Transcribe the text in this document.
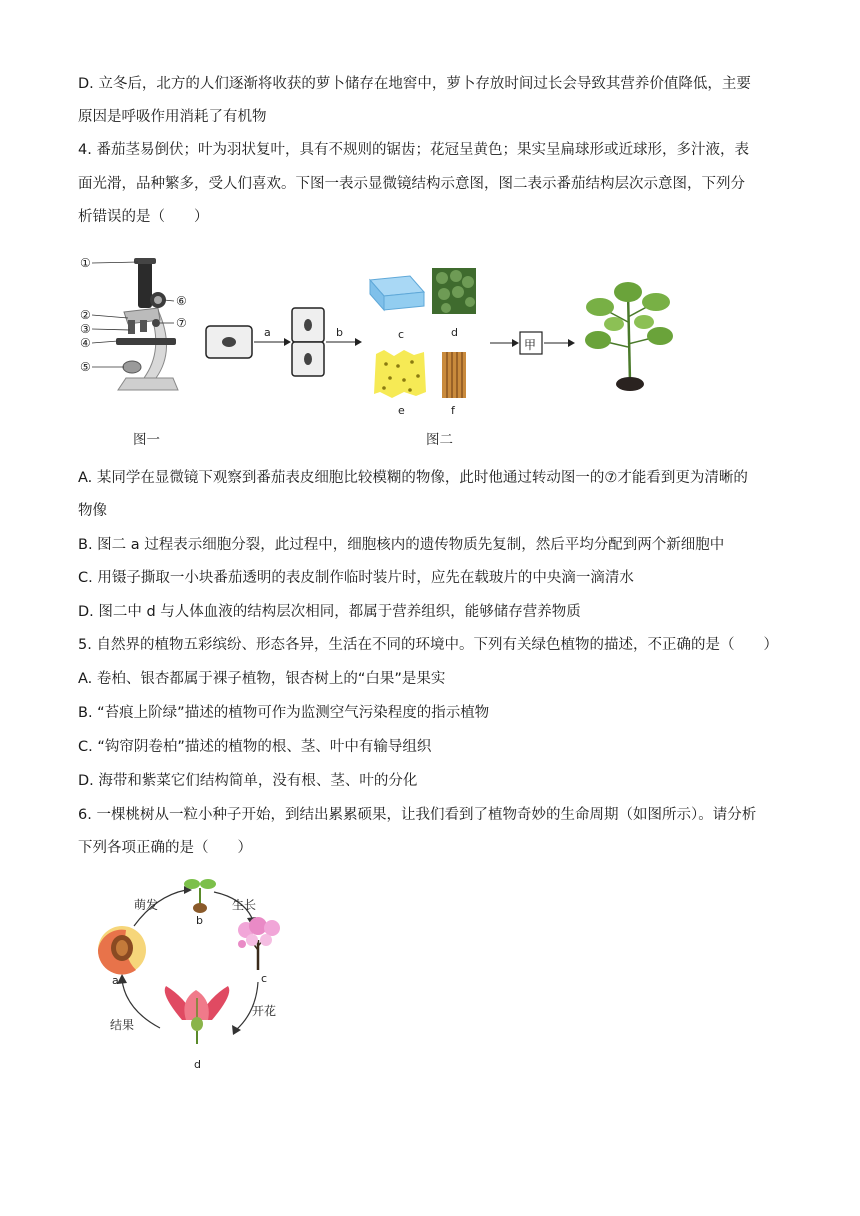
D. 立冬后，北方的人们逐渐将收获的萝卜储存在地窖中，萝卜存放时间过长会导致其营养价值降低，主要
原因是呼吸作用消耗了有机物
4. 番茄茎易倒伏；叶为羽状复叶，具有不规则的锯齿；花冠呈黄色；果实呈扁球形或近球形，多汁液，表
面光滑，品种繁多，受人们喜欢。下图一表示显微镜结构示意图，图二表示番茄结构层次示意图，下列分
析错误的是（　　）
①
②
③
④
⑤
⑥
⑦
图一
a	b	c	d
e	f
甲
图二
A. 某同学在显微镜下观察到番茄表皮细胞比较模糊的物像，此时他通过转动图一的⑦才能看到更为清晰的
物像
B. 图二 a 过程表示细胞分裂，此过程中，细胞核内的遗传物质先复制，然后平均分配到两个新细胞中
C. 用镊子撕取一小块番茄透明的表皮制作临时装片时，应先在载玻片的中央滴一滴清水
D. 图二中 d 与人体血液的结构层次相同，都属于营养组织，能够储存营养物质
5. 自然界的植物五彩缤纷、形态各异，生活在不同的环境中。下列有关绿色植物的描述，不正确的是（　　）
A. 卷柏、银杏都属于裸子植物，银杏树上的“白果”是果实
B. “苔痕上阶绿”描述的植物可作为监测空气污染程度的指示植物
C. “钩帘阴卷柏”描述的植物的根、茎、叶中有输导组织
D. 海带和紫菜它们结构简单，没有根、茎、叶的分化
6. 一棵桃树从一粒小种子开始，到结出累累硕果，让我们看到了植物奇妙的生命周期（如图所示）。请分析
下列各项正确的是（　　）
a
b
c
d
萌发	生长
开花
结果
